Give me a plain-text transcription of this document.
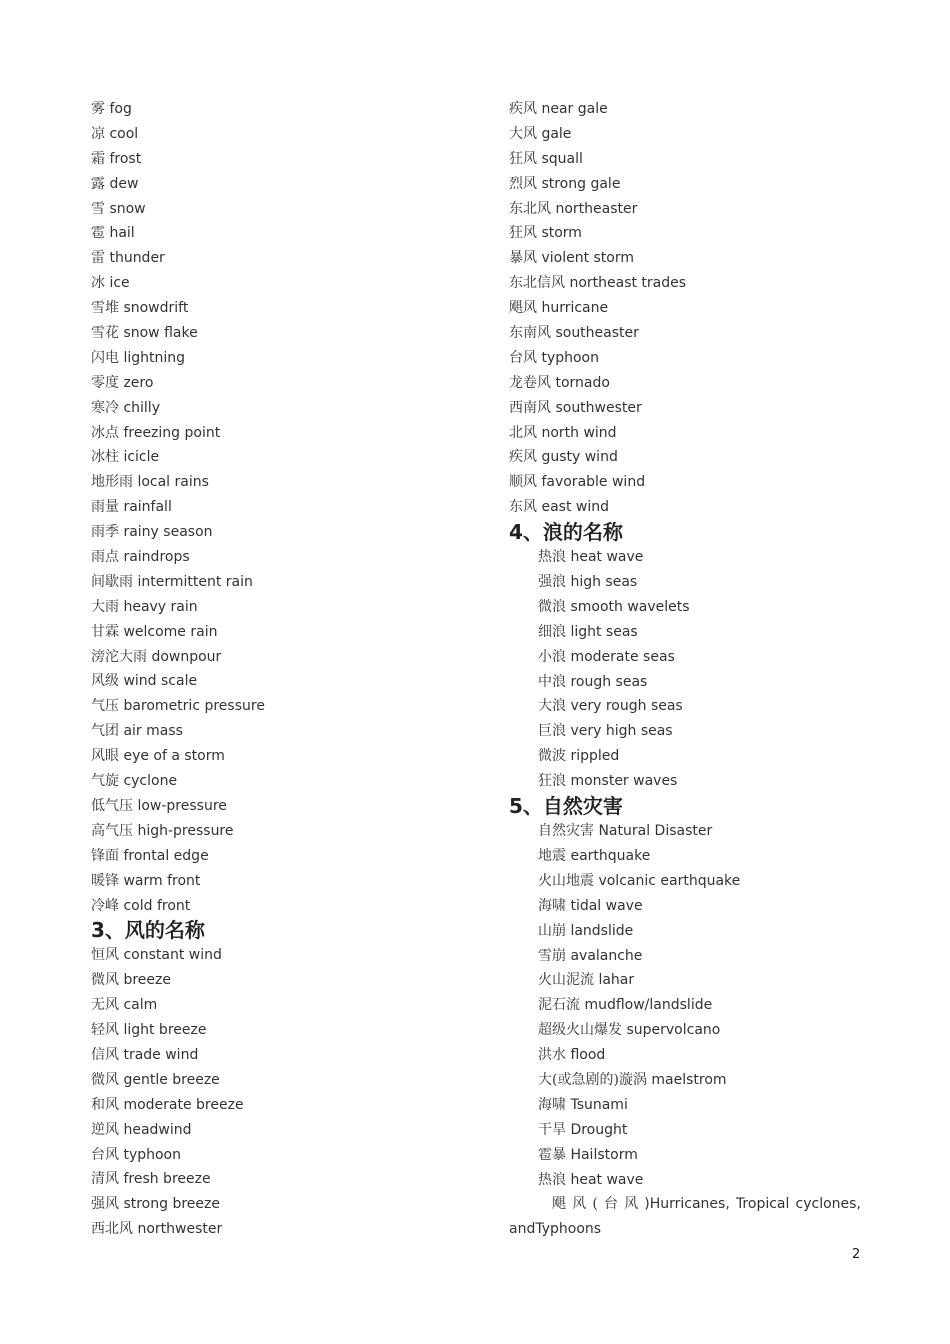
雾 fog
凉 cool
霜 frost
露 dew
雪 snow
雹 hail
雷 thunder
冰 ice
雪堆 snowdrift
雪花 snow flake
闪电 lightning
零度 zero
寒冷 chilly
冰点 freezing point
冰柱 icicle
地形雨 local rains
雨量 rainfall
雨季 rainy season
雨点 raindrops
间歇雨 intermittent rain
大雨 heavy rain
甘霖 welcome rain
滂沱大雨 downpour
风级 wind scale
气压 barometric pressure
气团 air mass
风眼 eye of a storm
气旋 cyclone
低气压 low-pressure
高气压 high-pressure
锋面 frontal edge
暖锋 warm front
冷峰 cold front
3、风的名称
恒风 constant wind
微风 breeze
无风 calm
轻风 light breeze
信风 trade wind
微风 gentle breeze
和风 moderate breeze
逆风 headwind
台风 typhoon
清风 fresh breeze
强风 strong breeze
西北风 northwester
疾风 near gale
大风 gale
狂风 squall
烈风 strong gale
东北风 northeaster
狂风 storm
暴风 violent storm
东北信风 northeast trades
飓风 hurricane
东南风 southeaster
台风 typhoon
龙卷风 tornado
西南风 southwester
北风 north wind
疾风 gusty wind
顺风 favorable wind
东风 east wind
4、浪的名称
热浪 heat wave
强浪 high seas
微浪 smooth wavelets
细浪 light seas
小浪 moderate seas
中浪 rough seas
大浪 very rough seas
巨浪 very high seas
微波 rippled
狂浪 monster waves
5、自然灾害
自然灾害 Natural Disaster
地震 earthquake
火山地震 volcanic earthquake
海啸 tidal wave
山崩 landslide
雪崩 avalanche
火山泥流 lahar
泥石流 mudflow/landslide
超级火山爆发 supervolcano
洪水 flood
大(或急剧的)漩涡 maelstrom
海啸 Tsunami
干旱 Drought
雹暴 Hailstorm
热浪 heat wave
飓 风 ( 台 风 )Hurricanes, Tropical cyclones,
andTyphoons
2
